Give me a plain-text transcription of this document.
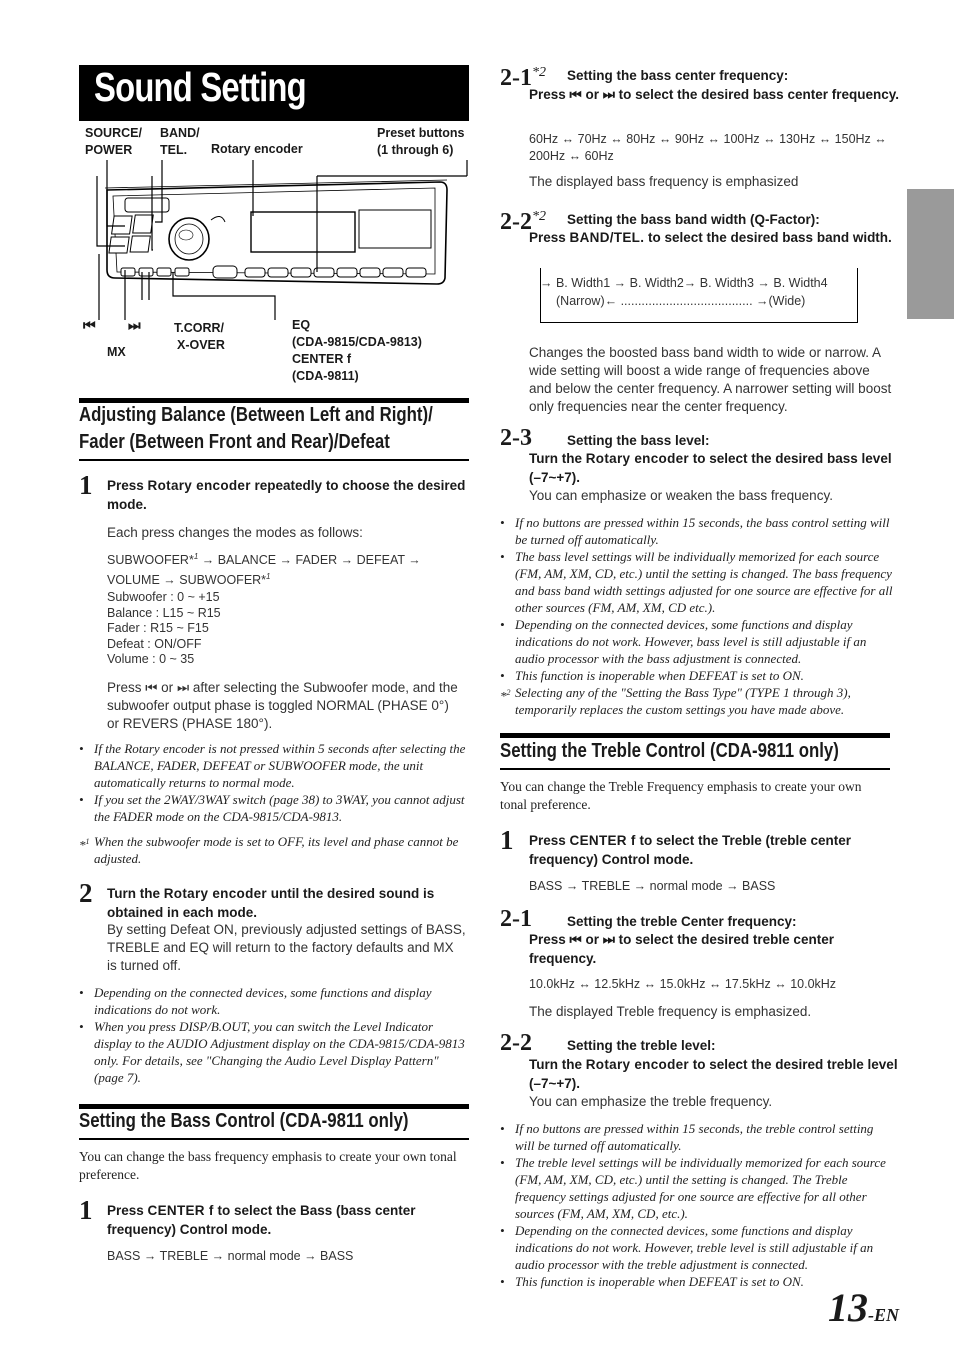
Sound Setting
SOURCE/
POWER
BAND/
TEL.	Rotary encoder
Preset buttons
(1 through 6)
⏮ ⏭
MX
T.CORR/
X-OVER
EQ
(CDA-9815/CDA-9813)
CENTER f
(CDA-9811)
Adjusting Balance (Between Left and Right)/
Fader (Between Front and Rear)/Defeat
1 Press Rotary encoder repeatedly to choose the desired mode.
Each press changes the modes as follows:
SUBWOOFER*$^1$ → BALANCE → FADER → DEFEAT →
VOLUME → SUBWOOFER*$^1$
Subwoofer : 0 ~ +15
Balance : L15 ~ R15
Fader : R15 ~ F15
Defeat : ON/OFF
Volume : 0 ~ 35
Press ⏮ or ⏭ after selecting the Subwoofer mode, and the subwoofer output phase is toggled NORMAL (PHASE 0°) or REVERS (PHASE 180°).
• If the Rotary encoder is not pressed within 5 seconds after selecting the BALANCE, FADER, DEFEAT or SUBWOOFER mode, the unit automatically returns to normal mode.
• If you set the 2WAY/3WAY switch (page 38) to 3WAY, you cannot adjust the FADER mode on the CDA-9815/CDA-9813.
*$^1$ When the subwoofer mode is set to OFF, its level and phase cannot be adjusted.
2 Turn the Rotary encoder until the desired sound is obtained in each mode.
By setting Defeat ON, previously adjusted settings of BASS, TREBLE and EQ will return to the factory defaults and MX is turned off.
• Depending on the connected devices, some functions and display indications do not work.
• When you press DISP/B.OUT, you can switch the Level Indicator display to the AUDIO Adjustment display on the CDA-9815/CDA-9813 only. For details, see "Changing the Audio Level Display Pattern" (page 7).
Setting the Bass Control (CDA-9811 only)
You can change the bass frequency emphasis to create your own tonal preference.
1 Press CENTER f to select the Bass (bass center frequency) Control mode.
BASS → TREBLE → normal mode → BASS
2-1$^{*2}$ Setting the bass center frequency:
Press ⏮ or ⏭ to select the desired bass center frequency.
60Hz ↔ 70Hz ↔ 80Hz ↔ 90Hz ↔ 100Hz ↔ 130Hz ↔ 150Hz ↔ 200Hz ↔ 60Hz
The displayed bass frequency is emphasized
2-2$^{*2}$ Setting the bass band width (Q-Factor):
Press BAND/TEL. to select the desired bass band width.
→ B. Width1 → B. Width2→ B. Width3 → B. Width4
(Narrow)← ...................................... →(Wide)
Changes the boosted bass band width to wide or narrow. A wide setting will boost a wide range of frequencies above and below the center frequency. A narrower setting will boost only frequencies near the center frequency.
2-3	Setting the bass level:
Turn the Rotary encoder to select the desired bass level (–7~+7).
You can emphasize or weaken the bass frequency.
• If no buttons are pressed within 15 seconds, the bass control setting will be turned off automatically.
• The bass level settings will be individually memorized for each source (FM, AM, XM, CD, etc.) until the setting is changed. The bass frequency and bass band width settings adjusted for one source are effective for all other sources (FM, AM, XM, CD etc.).
• Depending on the connected devices, some functions and display indications do not work. However, bass level is still adjustable if an audio processor with the bass adjustment is connected.
• This function is inoperable when DEFEAT is set to ON.
*$^2$ Selecting any of the "Setting the Bass Type" (TYPE 1 through 3), temporarily replaces the custom settings you have made above.
Setting the Treble Control (CDA-9811 only)
You can change the Treble Frequency emphasis to create your own tonal preference.
1 Press CENTER f to select the Treble (treble center frequency) Control mode.
BASS → TREBLE → normal mode → BASS
2-1	Setting the treble Center frequency:
Press ⏮ or ⏭ to select the desired treble center frequency.
10.0kHz ↔ 12.5kHz ↔ 15.0kHz ↔ 17.5kHz ↔ 10.0kHz
The displayed Treble frequency is emphasized.
2-2	Setting the treble level:
Turn the Rotary encoder to select the desired treble level (–7~+7).
You can emphasize the treble frequency.
• If no buttons are pressed within 15 seconds, the treble control setting will be turned off automatically.
• The treble level settings will be individually memorized for each source (FM, AM, XM, CD, etc.) until the setting is changed. The Treble frequency settings adjusted for one source are effective for all other sources (FM, AM, XM, CD, etc.).
• Depending on the connected devices, some functions and display indications do not work. However, treble level is still adjustable if an audio processor with the treble adjustment is connected.
• This function is inoperable when DEFEAT is set to ON.
13-EN
